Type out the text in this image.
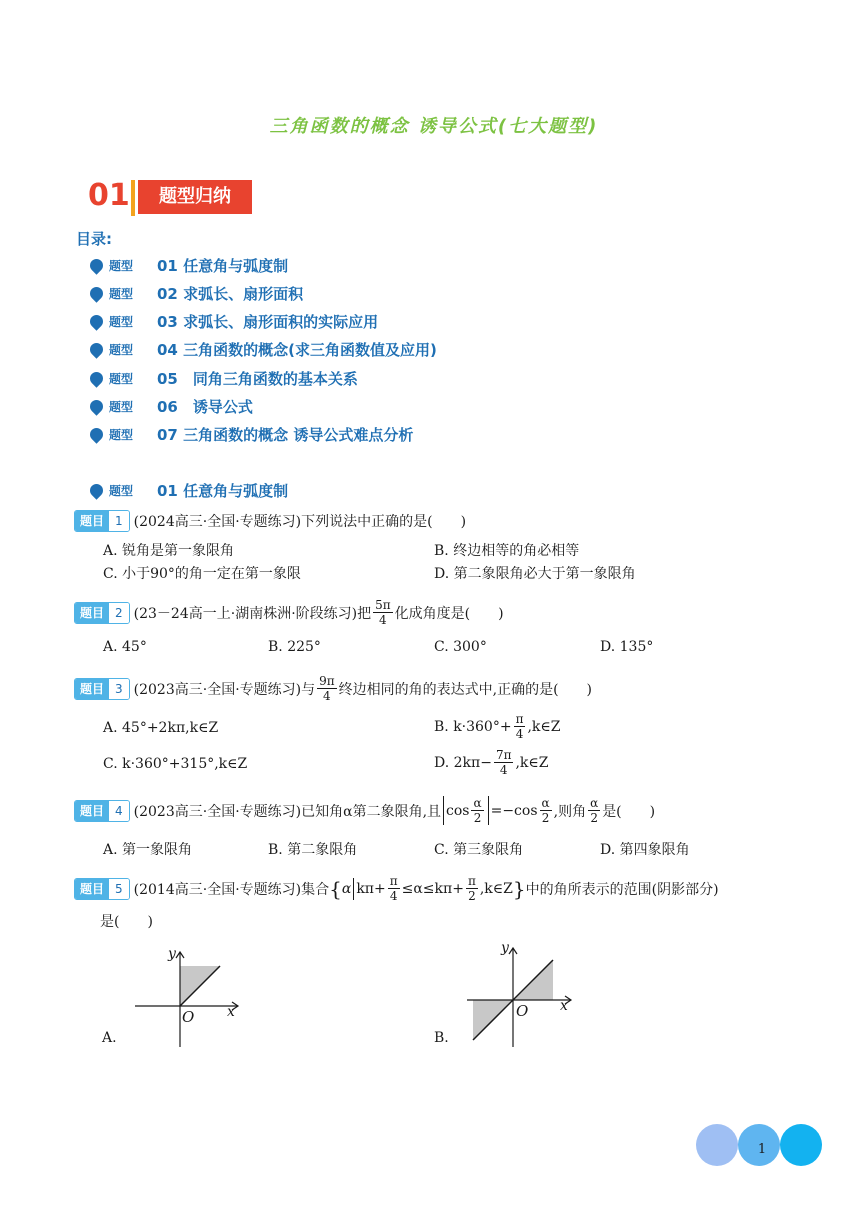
三角函数的概念 诱导公式(七大题型)
01	题型归纳
目录:
题型	01 任意角与弧度制
题型	02 求弧长、扇形面积
题型	03 求弧长、扇形面积的实际应用
题型	04 三角函数的概念(求三角函数值及应用)
题型	05　同角三角函数的基本关系
题型	06　诱导公式
题型	07 三角函数的概念 诱导公式难点分析
题型	01 任意角与弧度制
题目 1 (2024高三·全国·专题练习)下列说法中正确的是(　　)
A. 锐角是第一象限角	B. 终边相等的角必相等
C. 小于90°的角一定在第一象限	D. 第二象限角必大于第一象限角
题目 2 (23－24高一上·湖南株洲·阶段练习)把 $\frac{5\pi}{4}$ 化成角度是(　　)
A. 45°	B. 225°	C. 300°	D. 135°
题目 3 (2023高三·全国·专题练习)与 $\frac{9\pi}{4}$ 终边相同的角的表达式中,正确的是(　　)
A. 45°+2kπ,k∈Z	B. $k\cdot 360^\circ+ \frac{\pi}{4}$ ,k∈Z
C. k·360°+315°,k∈Z	D. $2k\pi- \frac{7\pi}{4}$ ,k∈Z
题目 4 (2023高三·全国·专题练习)已知角α第二象限角,且 $\cos \frac{\alpha}{2} =-\cos \frac{\alpha}{2}$ ,则角 $\frac{\alpha}{2}$ 是(　　)
A. 第一象限角	B. 第二象限角	C. 第三象限角	D. 第四象限角
题目 5 (2014高三·全国·专题练习)集合 { α $k\pi+ \frac{\pi}{4} \le\alpha\le k\pi+ \frac{\pi}{2}$ ,k∈Z } 中的角所表示的范围(阴影部分)
是(　　)
A.
y
x
O
B.
y
x
O
1
